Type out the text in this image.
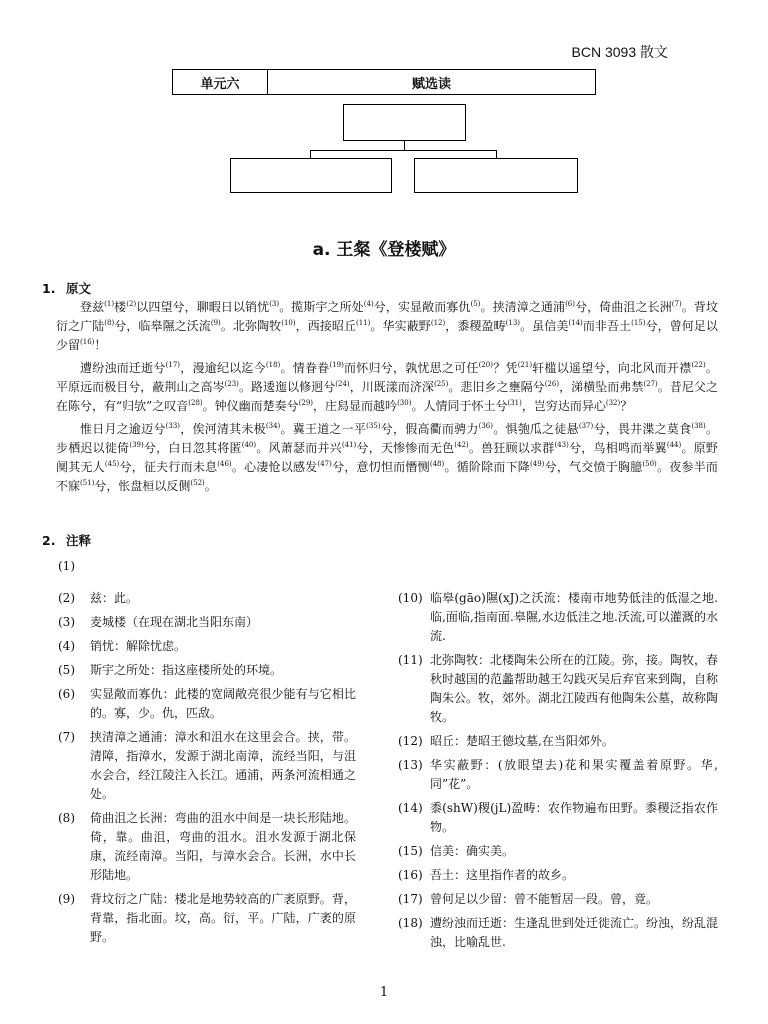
BCN 3093 散文
单元六	赋选读
a. 王粲《登楼赋》
1. 原文

登兹$^{(1)}$楼$^{(2)}$以四望兮，聊暇日以销忧$^{(3)}$。揽斯宇之所处$^{(4)}$兮，实显敞而寡仇$^{(5)}$。挟清漳之通浦$^{(6)}$兮，倚曲沮之长洲$^{(7)}$。背坟衍之广陆$^{(8)}$兮，临皋隰之沃流$^{(9)}$。北弥陶牧$^{(10)}$，西接昭丘$^{(11)}$。华实蔽野$^{(12)}$，黍稷盈畴$^{(13)}$。虽信美$^{(14)}$而非吾土$^{(15)}$兮，曾何足以少留$^{(16)}$！

遭纷浊而迁逝兮$^{(17)}$，漫逾纪以迄今$^{(18)}$。情眷眷$^{(19)}$而怀归兮，孰忧思之可任$^{(20)}$？凭$^{(21)}$轩槛以遥望兮，向北风而开襟$^{(22)}$。平原远而极目兮，蔽荆山之高岑$^{(23)}$。路逶迤以修迥兮$^{(24)}$，川既漾而济深$^{(25)}$。悲旧乡之壅隔兮$^{(26)}$，涕横坠而弗禁$^{(27)}$。昔尼父之在陈兮，有“归欤”之叹音$^{(28)}$。钟仪幽而楚奏兮$^{(29)}$，庄舄显而越吟$^{(30)}$。人情同于怀土兮$^{(31)}$，岂穷达而异心$^{(32)}$？

惟日月之逾迈兮$^{(33)}$，俟河清其未极$^{(34)}$。冀王道之一平$^{(35)}$兮，假高衢而骋力$^{(36)}$。惧匏瓜之徒悬$^{(37)}$兮，畏井渫之莫食$^{(38)}$。步栖迟以徙倚$^{(39)}$兮，白日忽其将匿$^{(40)}$。风萧瑟而并兴$^{(41)}$兮，天惨惨而无色$^{(42)}$。兽狂顾以求群$^{(43)}$兮，鸟相鸣而举翼$^{(44)}$。原野阒其无人$^{(45)}$兮，征夫行而未息$^{(46)}$。心凄怆以感发$^{(47)}$兮，意忉怛而憯恻$^{(48)}$。循阶除而下降$^{(49)}$兮，气交愤于胸臆$^{(50)}$。夜参半而不寐$^{(51)}$兮，怅盘桓以反侧$^{(52)}$。

2. 注释
(1)
(2)	兹：此。
(3)	麦城楼（在现在湖北当阳东南）
(4)	销忧：解除忧虑。
(5)	斯宇之所处：指这座楼所处的环境。
(6)	实显敞而寡仇：此楼的宽阔敞亮很少能有与它相比的。寡，少。仇，匹敌。
(7)	挟清漳之通浦：漳水和沮水在这里会合。挟，带。清障，指漳水，发源于湖北南漳，流经当阳，与沮水会合，经江陵注入长江。通浦，两条河流相通之处。
(8)	倚曲沮之长洲：弯曲的沮水中间是一块长形陆地。倚，靠。曲沮，弯曲的沮水。沮水发源于湖北保康，流经南漳。当阳，与漳水会合。长洲，水中长形陆地。
(9)	背坟衍之广陆：楼北是地势较高的广袤原野。背，背靠，指北面。坟，高。衍，平。广陆，广袤的原野。
(10) 临皋(gāo)隰(xJ)之沃流：楼南市地势低洼的低湿之地.临,面临,指南面.皋隰,水边低洼之地.沃流,可以灌溉的水流.
(11) 北弥陶牧：北楼陶朱公所在的江陵。弥，接。陶牧，春秋时越国的范蠡帮助越王勾践灭吴后弃官来到陶，自称陶朱公。牧，郊外。湖北江陵西有他陶朱公墓，故称陶牧。
(12) 昭丘：楚昭王德坟墓,在当阳郊外。
(13) 华实蔽野：(放眼望去)花和果实覆盖着原野。华,同”花”。
(14) 黍(shW)稷(jL)盈畴：农作物遍布田野。黍稷泛指农作物。
(15) 信美：确实美。
(16) 吾土：这里指作者的故乡。
(17) 曾何足以少留：曾不能暂居一段。曾，竟。
(18) 遭纷浊而迁逝：生逢乱世到处迁徙流亡。纷浊，纷乱混浊，比喻乱世.
1
